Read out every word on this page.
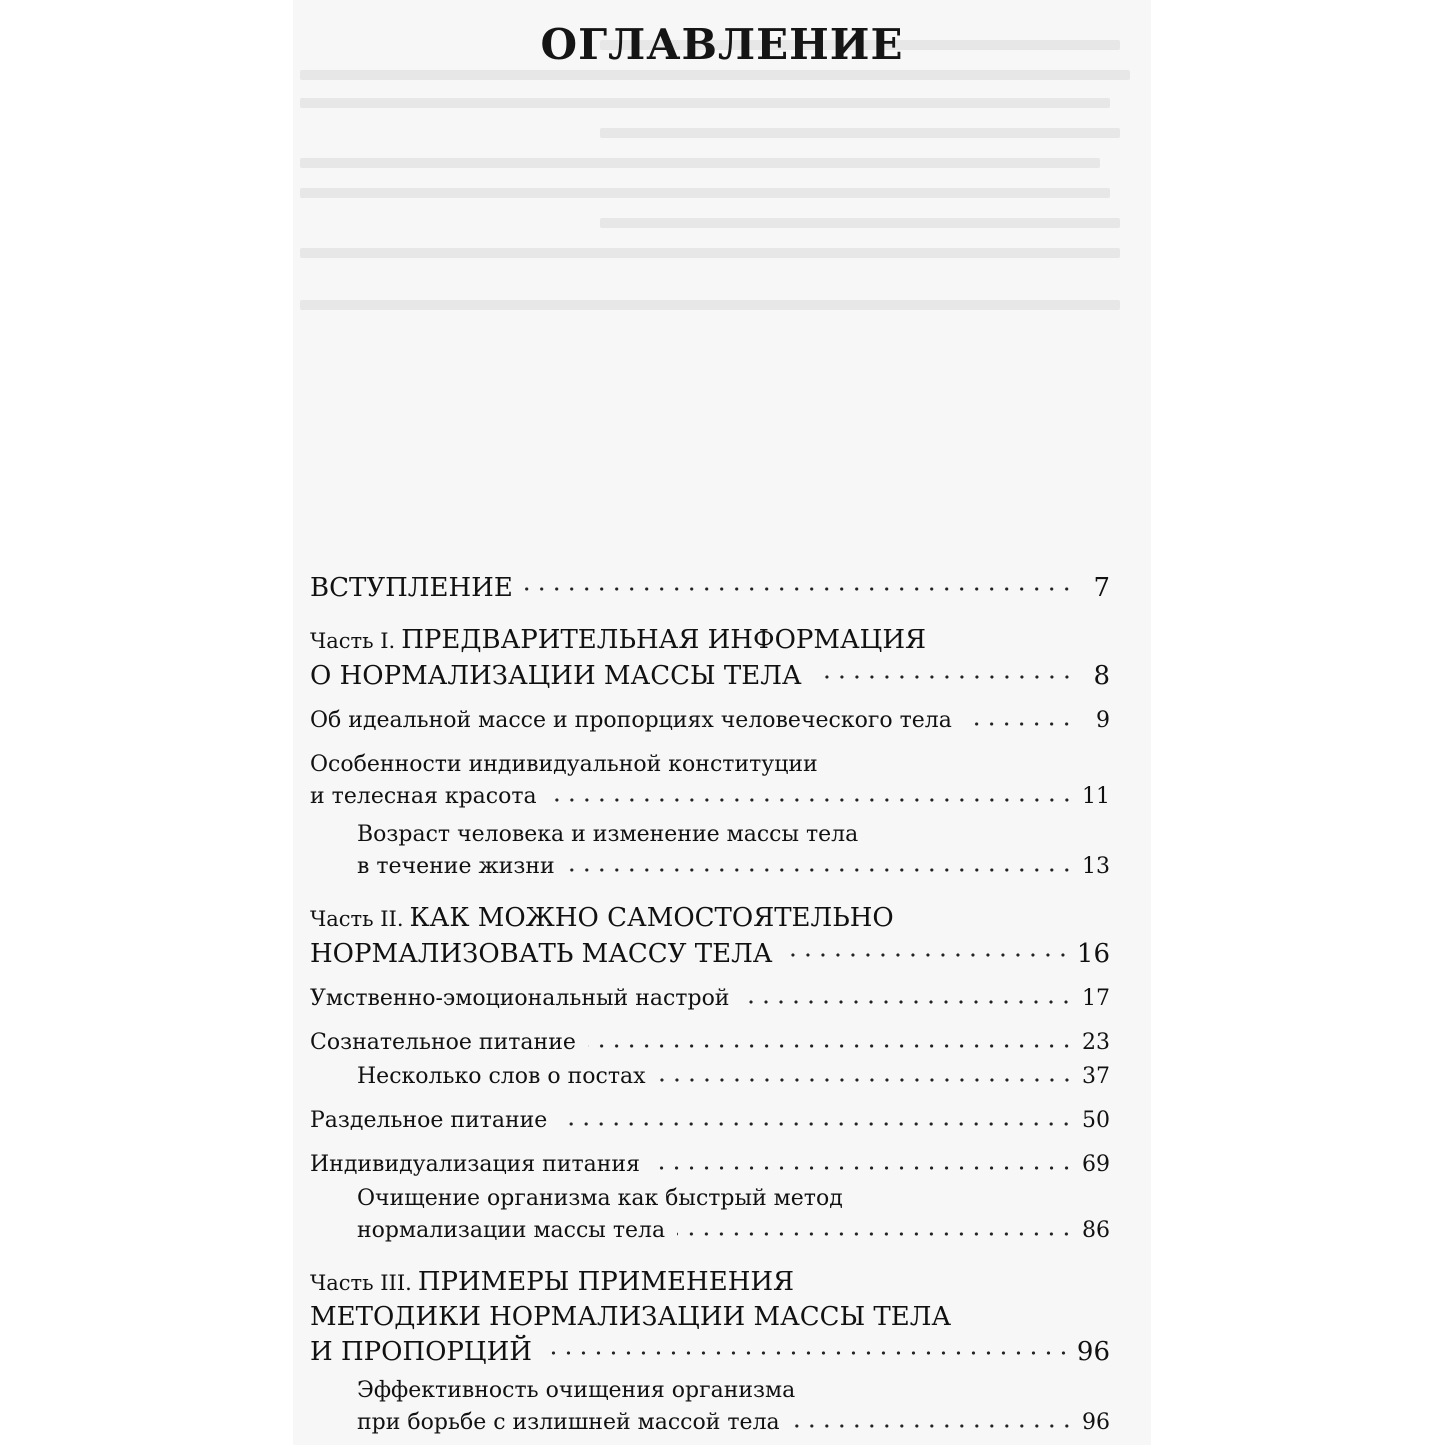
ОГЛАВЛЕНИЕ
ВСТУПЛЕНИЕ	7
Часть I. ПРЕДВАРИТЕЛЬНАЯ ИНФОРМАЦИЯ
О НОРМАЛИЗАЦИИ МАССЫ ТЕЛА	8
Об идеальной массе и пропорциях человеческого тела	9
Особенности индивидуальной конституции
и телесная красота	11
Возраст человека и изменение массы тела
в течение жизни	13
Часть II. КАК МОЖНО САМОСТОЯТЕЛЬНО
НОРМАЛИЗОВАТЬ МАССУ ТЕЛА	16
Умственно-эмоциональный настрой	17
Сознательное питание	23
Несколько слов о постах	37
Раздельное питание	50
Индивидуализация питания	69
Очищение организма как быстрый метод
нормализации массы тела	86
Часть III. ПРИМЕРЫ ПРИМЕНЕНИЯ
МЕТОДИКИ НОРМАЛИЗАЦИИ МАССЫ ТЕЛА
И ПРОПОРЦИЙ	96
Эффективность очищения организма
при борьбе с излишней массой тела	96
